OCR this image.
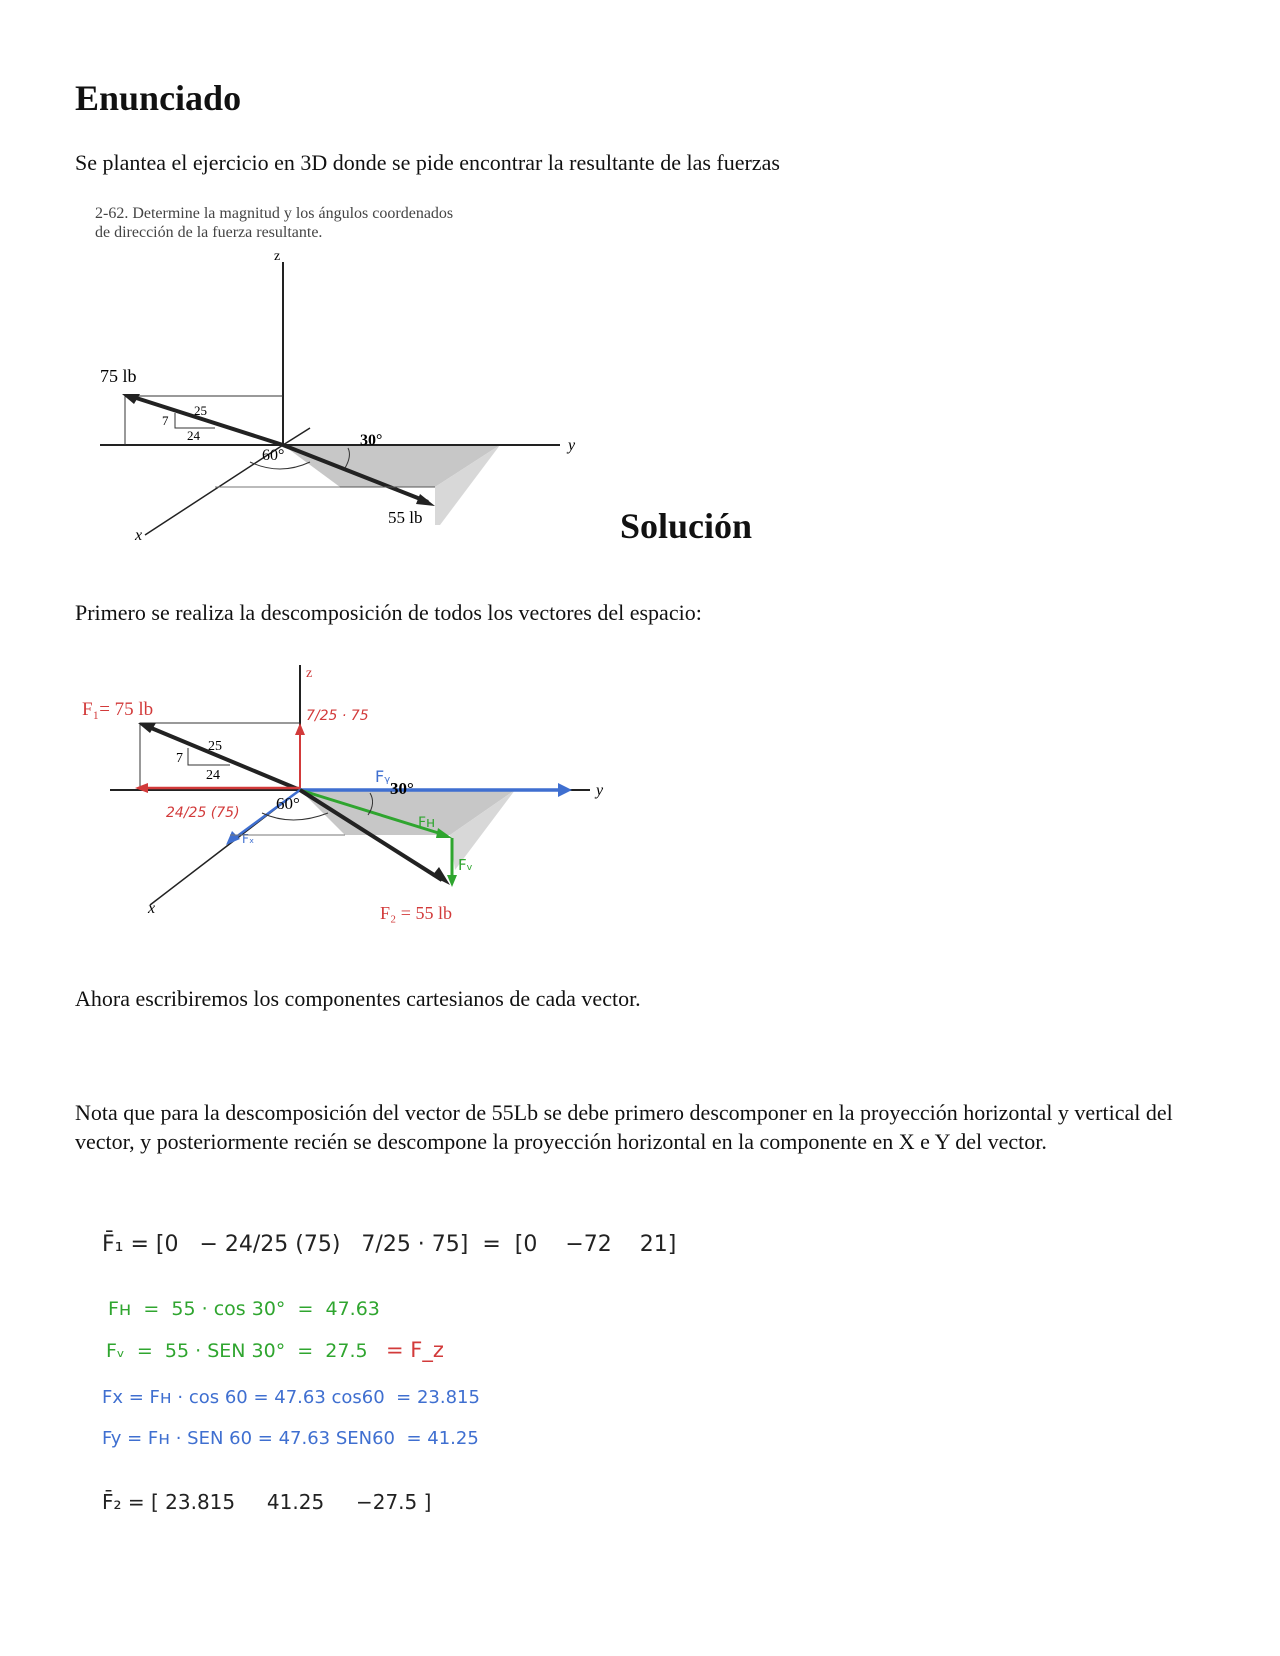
Enunciado
Se plantea el ejercicio en 3D donde se pide encontrar la resultante de las fuerzas
2-62. Determine la magnitud y los ángulos coordenados
de dirección de la fuerza resultante.
z
y
x
75 lb
25
7
24
60°
30°
55 lb	Solución
Primero se realiza la descomposición de todos los vectores del espacio:
z
y
x
25
7
24
F₁= 75 lb	7/25 · 75
24/25 (75)
Fᵧ
Fₓ
Fн
Fᵥ
60°
30°
F₂ = 55 lb
Ahora escribiremos los componentes cartesianos de cada vector.
Nota que para la descomposición del vector de 55Lb se debe primero descomponer en la proyección horizontal y vertical del vector, y posteriormente recién se descompone la proyección horizontal en la componente en X e Y del vector.
F̄₁ = [0   − 24/25 (75)   7/25 · 75]  =  [0    −72    21]
Fн  =  55 · cos 30°  =  47.63
Fᵥ  =  55 · SEN 30°  =  27.5 = F_z
Fx = Fн · cos 60 = 47.63 cos60  = 23.815
Fy = Fн · SEN 60 = 47.63 SEN60  = 41.25
F̄₂ = [ 23.815     41.25     −27.5 ]
